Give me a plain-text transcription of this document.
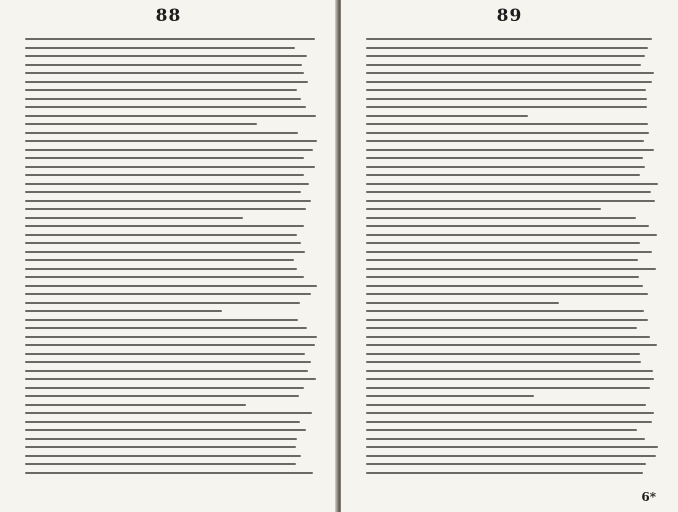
88	89
6*
